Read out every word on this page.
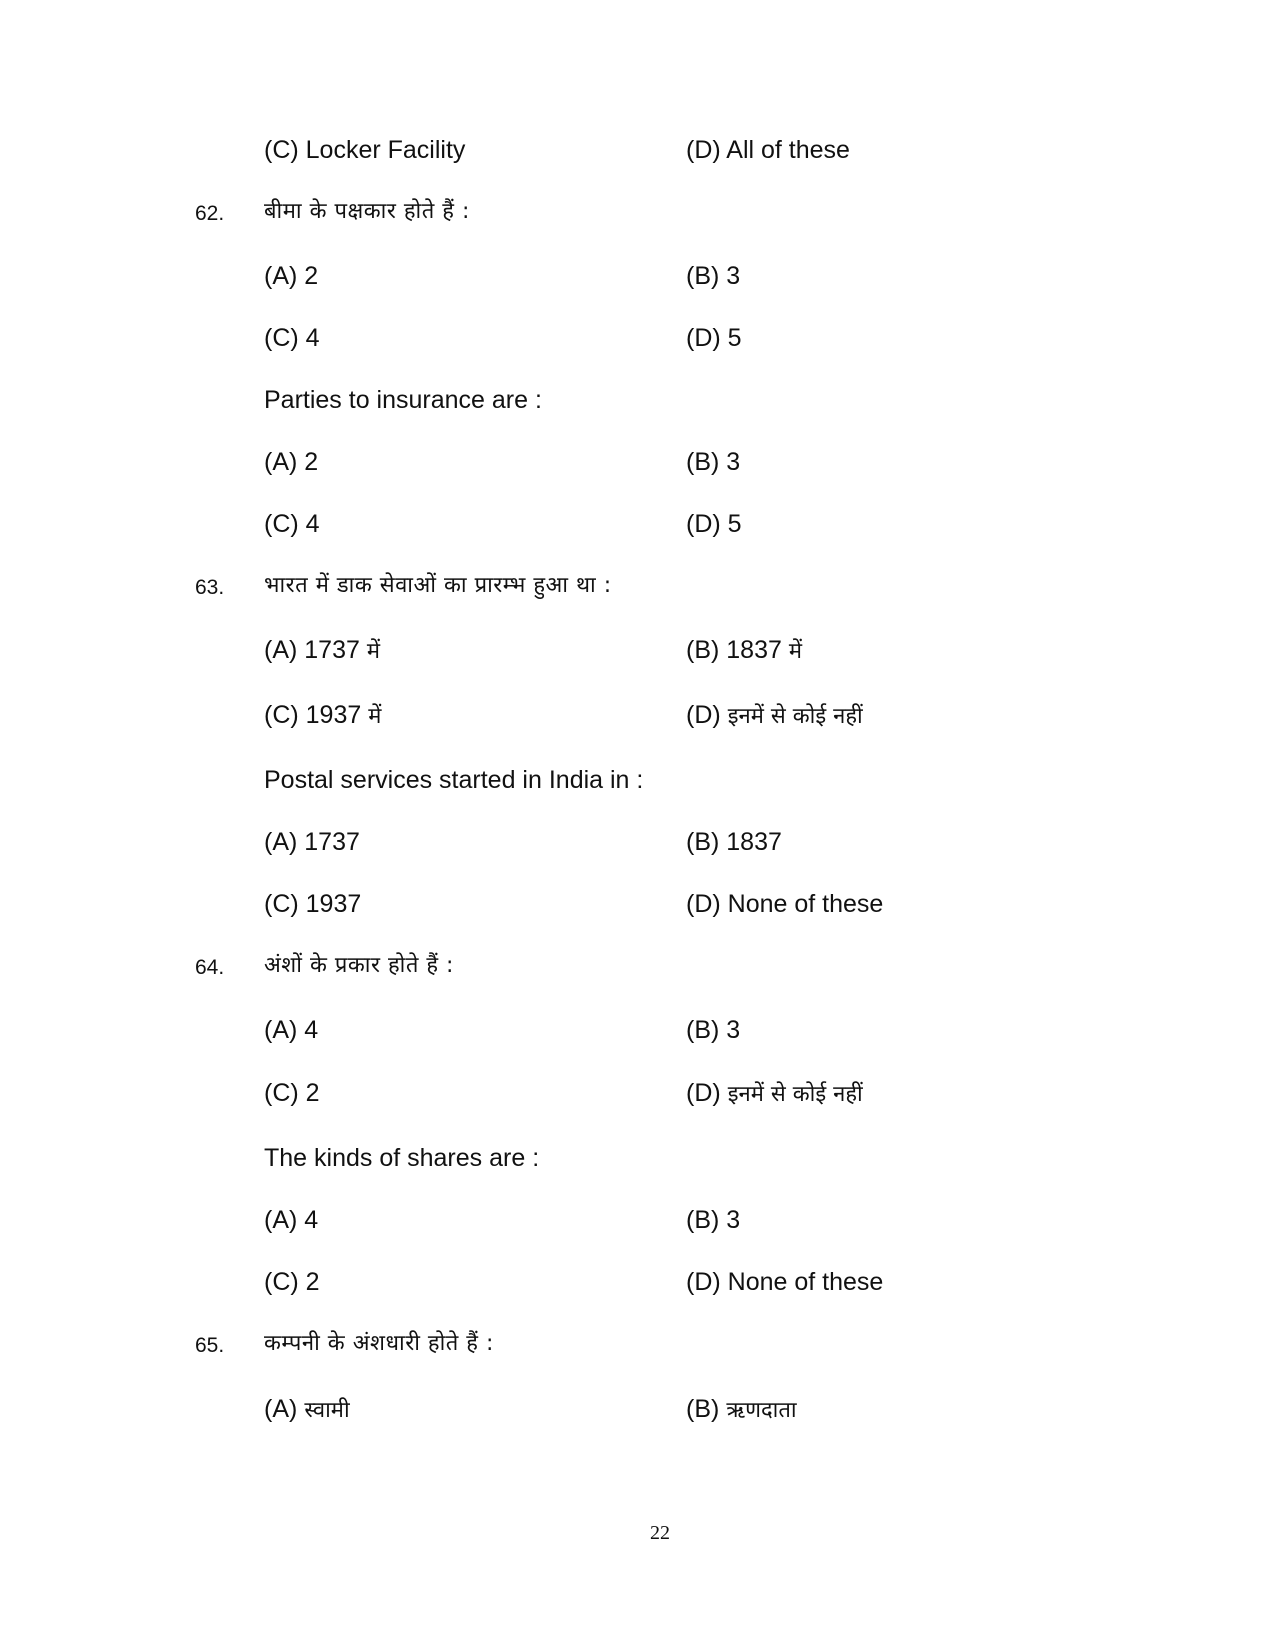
(C) Locker Facility	(D) All of these
62. बीमा के पक्षकार होते हैं :
(A) 2	(B) 3
(C) 4	(D) 5
Parties to insurance are :
(A) 2	(B) 3
(C) 4	(D) 5
63. भारत में डाक सेवाओं का प्रारम्भ हुआ था :
(A) 1737 में	(B) 1837 में
(C) 1937 में	(D) इनमें से कोई नहीं
Postal services started in India in :
(A) 1737	(B) 1837
(C) 1937	(D) None of these
64. अंशों के प्रकार होते हैं :
(A) 4	(B) 3
(C) 2	(D) इनमें से कोई नहीं
The kinds of shares are :
(A) 4	(B) 3
(C) 2	(D) None of these
65. कम्पनी के अंशधारी होते हैं :
(A) स्वामी	(B) ऋणदाता
22
